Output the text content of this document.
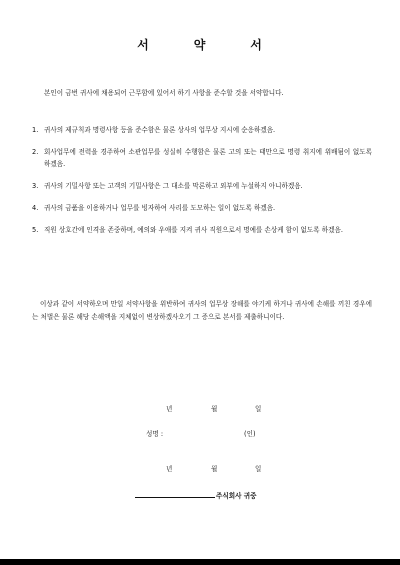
서	약	서
본인이 금번 귀사에 채용되어 근무함에 있어서 하기 사항을 준수할 것을 서약합니다.
1. 귀사의 제규칙과 명령사항 등을 준수함은 물론 상사의 업무상 지시에 순응하겠음.
2. 회사업무에 전력을 경주하여 소관업무를 성실히 수행함은 물론 고의 또는 태만으로 명령 취지에 위배됨이 없도록 하겠음.
3. 귀사의 기밀사항 또는 고객의 기밀사항은 그 대소를 막론하고 외부에 누설하지 아니하겠음.
4. 귀사의 금품을 이용하거나 업무를 빙자하여 사리를 도모하는 일이 없도록 하겠음.
5. 직원 상호간에 인격을 존중하며, 예의와 우애를 지켜 귀사 직원으로서 명예를 손상케 함이 없도록 하겠음.
이상과 같이 서약하오며 만일 서약사항을 위반하여 귀사의 업무상 장해를 야기케 하거나 귀사에 손해를 끼친 경우에는 처벌은 물론 해당 손해액을 지체없이 변상하겠사오기 그 증으로 본서를 제출하니이다.
년	월	일
성명 :	(인)
년	월	일
주식회사 귀중
